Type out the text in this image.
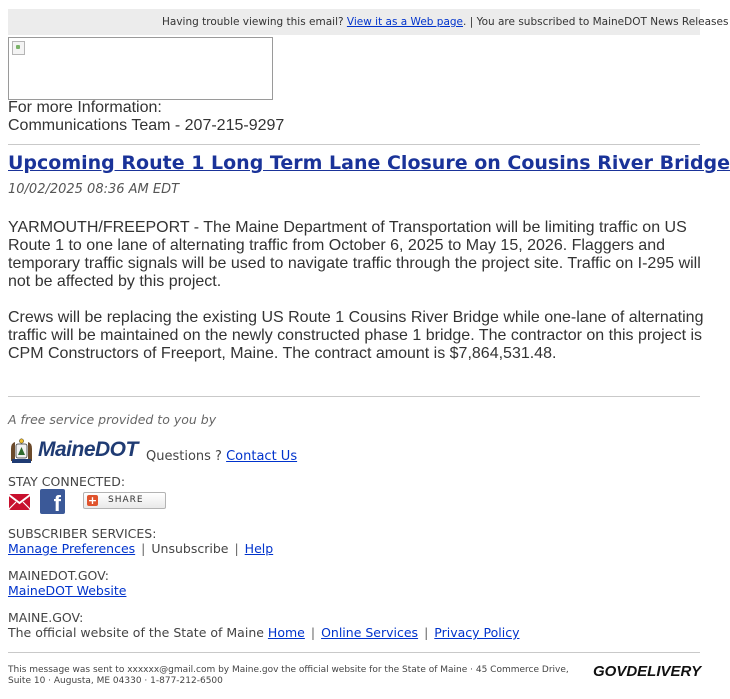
Having trouble viewing this email? View it as a Web page. | You are subscribed to MaineDOT News Releases
For more Information:
Communications Team - 207-215-9297
Upcoming Route 1 Long Term Lane Closure on Cousins River Bridge
10/02/2025 08:36 AM EDT
YARMOUTH/FREEPORT - The Maine Department of Transportation will be limiting traffic on US
Route 1 to one lane of alternating traffic from October 6, 2025 to May 15, 2026. Flaggers and
temporary traffic signals will be used to navigate traffic through the project site. Traffic on I-295 will
not be affected by this project.
Crews will be replacing the existing US Route 1 Cousins River Bridge while one-lane of alternating
traffic will be maintained on the newly constructed phase 1 bridge. The contractor on this project is
CPM Constructors of Freeport, Maine. The contract amount is $7,864,531.48.
A free service provided to you by
MaineDOT Questions ? Contact Us
STAY CONNECTED:
f	+ SHARE
SUBSCRIBER SERVICES:
Manage Preferences | Unsubscribe | Help
MAINEDOT.GOV:
MaineDOT Website
MAINE.GOV:
The official website of the State of Maine Home | Online Services | Privacy Policy
This message was sent to xxxxxx@gmail.com by Maine.gov the official website for the State of Maine · 45 Commerce Drive, Suite 10 · Augusta, ME 04330 · 1-877-212-6500
GOVDELIVERY
